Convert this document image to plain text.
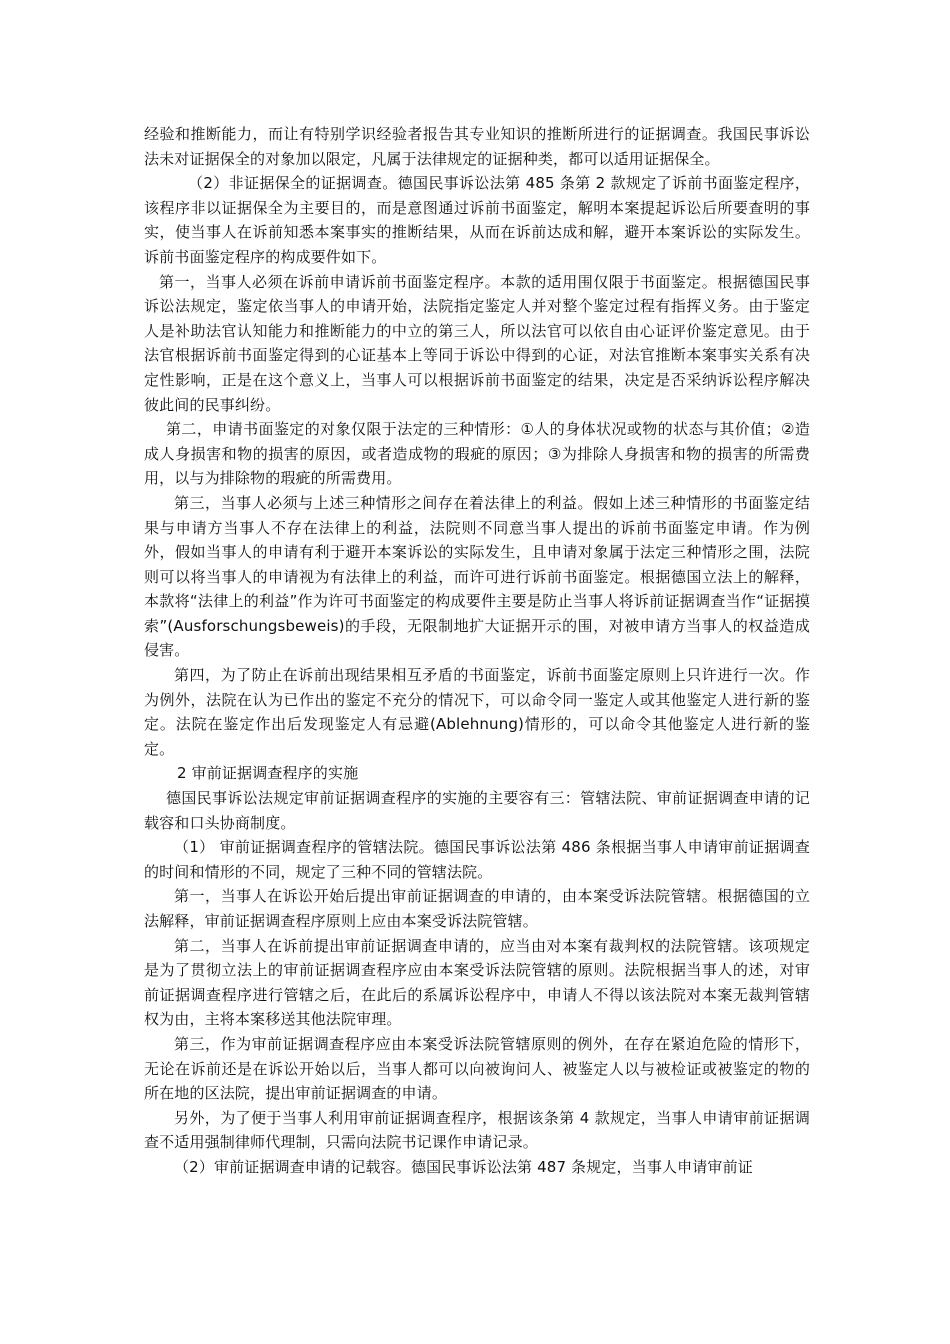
经验和推断能力，而让有特别学识经验者报告其专业知识的推断所进行的证据调查。我国民事诉讼法未对证据保全的对象加以限定，凡属于法律规定的证据种类，都可以适用证据保全。

（2）非证据保全的证据调查。德国民事诉讼法第 485 条第 2 款规定了诉前书面鉴定程序，该程序非以证据保全为主要目的，而是意图通过诉前书面鉴定，解明本案提起诉讼后所要查明的事实，使当事人在诉前知悉本案事实的推断结果，从而在诉前达成和解，避开本案诉讼的实际发生。诉前书面鉴定程序的构成要件如下。

第一，当事人必须在诉前申请诉前书面鉴定程序。本款的适用围仅限于书面鉴定。根据德国民事诉讼法规定，鉴定依当事人的申请开始，法院指定鉴定人并对整个鉴定过程有指挥义务。由于鉴定人是补助法官认知能力和推断能力的中立的第三人，所以法官可以依自由心证评价鉴定意见。由于法官根据诉前书面鉴定得到的心证基本上等同于诉讼中得到的心证，对法官推断本案事实关系有决定性影响，正是在这个意义上，当事人可以根据诉前书面鉴定的结果，决定是否采纳诉讼程序解决彼此间的民事纠纷。

第二，申请书面鉴定的对象仅限于法定的三种情形：①人的身体状况或物的状态与其价值；②造成人身损害和物的损害的原因，或者造成物的瑕疵的原因；③为排除人身损害和物的损害的所需费用，以与为排除物的瑕疵的所需费用。

第三，当事人必须与上述三种情形之间存在着法律上的利益。假如上述三种情形的书面鉴定结果与申请方当事人不存在法律上的利益，法院则不同意当事人提出的诉前书面鉴定申请。作为例外，假如当事人的申请有利于避开本案诉讼的实际发生，且申请对象属于法定三种情形之围，法院则可以将当事人的申请视为有法律上的利益，而许可进行诉前书面鉴定。根据德国立法上的解释，本款将“法律上的利益”作为许可书面鉴定的构成要件主要是防止当事人将诉前证据调查当作“证据摸索”(Ausforschungsbeweis)的手段，无限制地扩大证据开示的围，对被申请方当事人的权益造成侵害。

第四，为了防止在诉前出现结果相互矛盾的书面鉴定，诉前书面鉴定原则上只许进行一次。作为例外，法院在认为已作出的鉴定不充分的情况下，可以命令同一鉴定人或其他鉴定人进行新的鉴定。法院在鉴定作出后发现鉴定人有忌避(Ablehnung)情形的，可以命令其他鉴定人进行新的鉴定。

2 审前证据调查程序的实施

德国民事诉讼法规定审前证据调查程序的实施的主要容有三：管辖法院、审前证据调查申请的记载容和口头协商制度。

（1） 审前证据调查程序的管辖法院。德国民事诉讼法第 486 条根据当事人申请审前证据调查的时间和情形的不同，规定了三种不同的管辖法院。

第一，当事人在诉讼开始后提出审前证据调查的申请的，由本案受诉法院管辖。根据德国的立法解释，审前证据调查程序原则上应由本案受诉法院管辖。

第二，当事人在诉前提出审前证据调查申请的，应当由对本案有裁判权的法院管辖。该项规定是为了贯彻立法上的审前证据调查程序应由本案受诉法院管辖的原则。法院根据当事人的述，对审前证据调查程序进行管辖之后，在此后的系属诉讼程序中，申请人不得以该法院对本案无裁判管辖权为由，主将本案移送其他法院审理。

第三，作为审前证据调查程序应由本案受诉法院管辖原则的例外，在存在紧迫危险的情形下，无论在诉前还是在诉讼开始以后，当事人都可以向被询问人、被鉴定人以与被检证或被鉴定的物的所在地的区法院，提出审前证据调查的申请。

另外，为了便于当事人利用审前证据调查程序，根据该条第 4 款规定，当事人申请审前证据调查不适用强制律师代理制，只需向法院书记课作申请记录。

（2）审前证据调查申请的记载容。德国民事诉讼法第 487 条规定，当事人申请审前证
